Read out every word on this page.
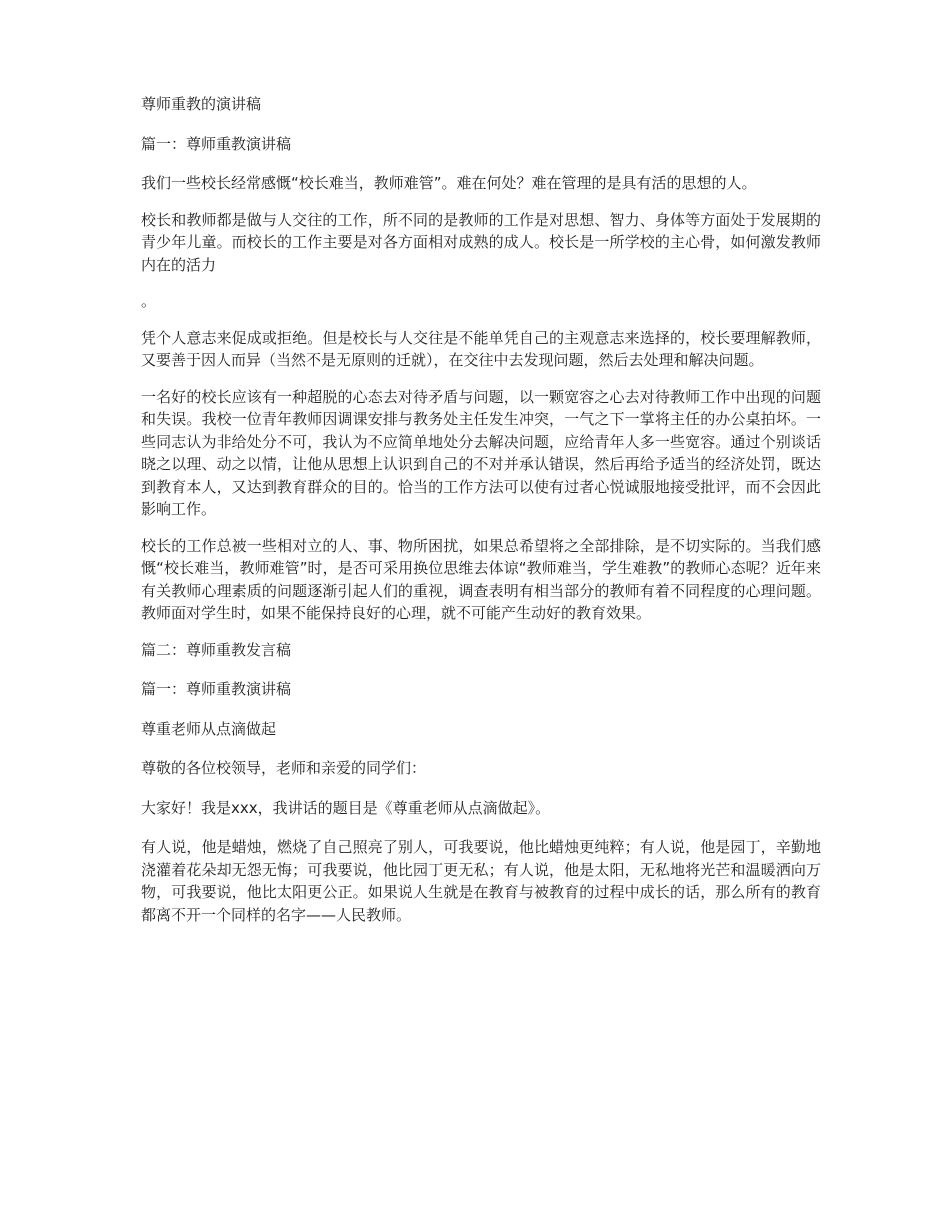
尊师重教的演讲稿

篇一：尊师重教演讲稿

我们一些校长经常感慨“校长难当，教师难管”。难在何处？难在管理的是具有活的思想的人。

校长和教师都是做与人交往的工作，所不同的是教师的工作是对思想、智力、身体等方面处于发展期的青少年儿童。而校长的工作主要是对各方面相对成熟的成人。校长是一所学校的主心骨，如何激发教师内在的活力

。

凭个人意志来促成或拒绝。但是校长与人交往是不能单凭自己的主观意志来选择的，校长要理解教师，又要善于因人而异（当然不是无原则的迁就），在交往中去发现问题，然后去处理和解决问题。

一名好的校长应该有一种超脱的心态去对待矛盾与问题，以一颗宽容之心去对待教师工作中出现的问题和失误。我校一位青年教师因调课安排与教务处主任发生冲突，一气之下一掌将主任的办公桌拍坏。一些同志认为非给处分不可，我认为不应简单地处分去解决问题，应给青年人多一些宽容。通过个别谈话晓之以理、动之以情，让他从思想上认识到自己的不对并承认错误，然后再给予适当的经济处罚，既达到教育本人，又达到教育群众的目的。恰当的工作方法可以使有过者心悦诚服地接受批评，而不会因此影响工作。

校长的工作总被一些相对立的人、事、物所困扰，如果总希望将之全部排除，是不切实际的。当我们感慨“校长难当，教师难管”时，是否可采用换位思维去体谅“教师难当，学生难教”的教师心态呢？近年来有关教师心理素质的问题逐渐引起人们的重视，调查表明有相当部分的教师有着不同程度的心理问题。教师面对学生时，如果不能保持良好的心理，就不可能产生动好的教育效果。

篇二：尊师重教发言稿

篇一：尊师重教演讲稿

尊重老师从点滴做起

尊敬的各位校领导，老师和亲爱的同学们：

大家好！我是xxx，我讲话的题目是《尊重老师从点滴做起》。

有人说，他是蜡烛，燃烧了自己照亮了别人，可我要说，他比蜡烛更纯粹；有人说，他是园丁，辛勤地浇灌着花朵却无怨无悔；可我要说，他比园丁更无私；有人说，他是太阳，无私地将光芒和温暖洒向万物，可我要说，他比太阳更公正。如果说人生就是在教育与被教育的过程中成长的话，那么所有的教育都离不开一个同样的名字——人民教师。
